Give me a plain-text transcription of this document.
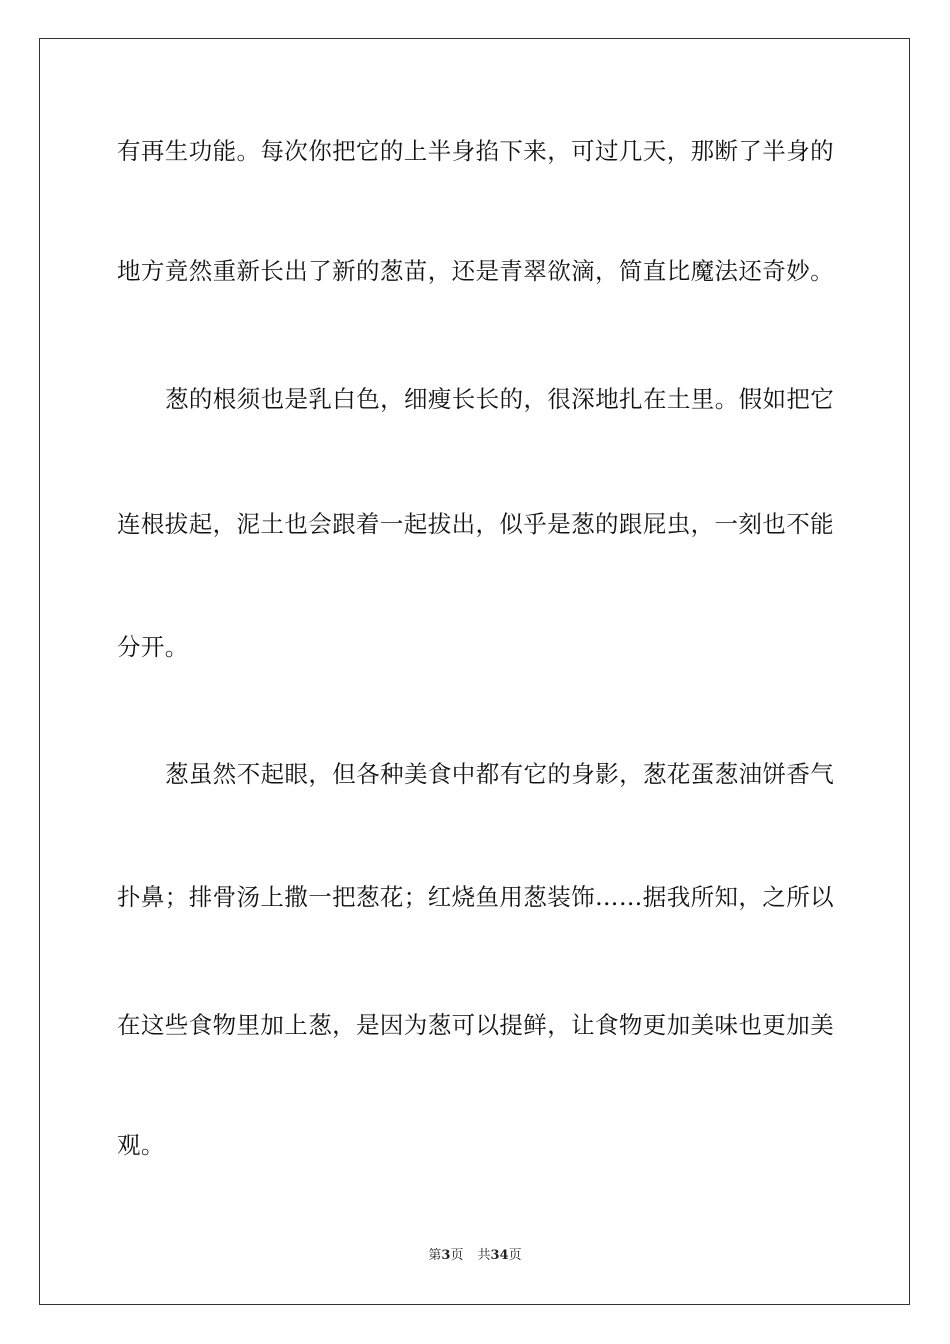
有再生功能。每次你把它的上半身掐下来，可过几天，那断了半身的
地方竟然重新长出了新的葱苗，还是青翠欲滴，简直比魔法还奇妙。
葱的根须也是乳白色，细瘦长长的，很深地扎在土里。假如把它
连根拔起，泥土也会跟着一起拔出，似乎是葱的跟屁虫，一刻也不能
分开。
葱虽然不起眼，但各种美食中都有它的身影，葱花蛋葱油饼香气
扑鼻；排骨汤上撒一把葱花；红烧鱼用葱装饰……据我所知，之所以
在这些食物里加上葱，是因为葱可以提鲜，让食物更加美味也更加美
观。
第3页 共34页
